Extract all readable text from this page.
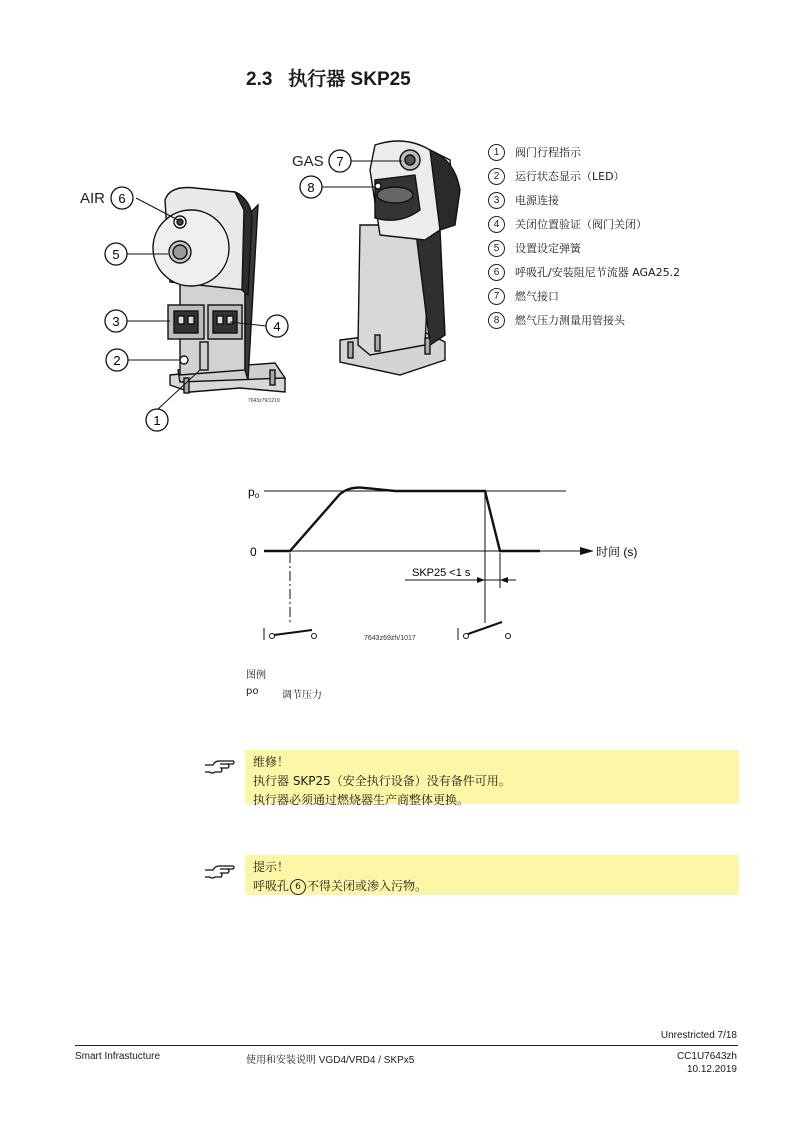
2.3 执行器 SKP25
AIR 6
5
3	4
2
1
GAS 7
8
7643z79/1219
1	阀门行程指示
2	运行状态显示（LED）
3	电源连接
4	关闭位置验证（阀门关闭）
5	设置设定弹簧
6	呼吸孔/安装阻尼节流器 AGA25.2
7	燃气接口
8	燃气压力测量用管接头
po
0	时间 (s)
SKP25 <1 s
7643z69zh/1017
图例
po 调节压力
维修！
执行器 SKP25（安全执行设备）没有备件可用。
执行器必须通过燃烧器生产商整体更换。
提示！
呼吸孔 6 不得关闭或渗入污物。
Unrestricted 7/18
Smart Infrastucture	使用和安装说明 VGD4/VRD4 / SKPx5	CC1U7643zh
10.12.2019
